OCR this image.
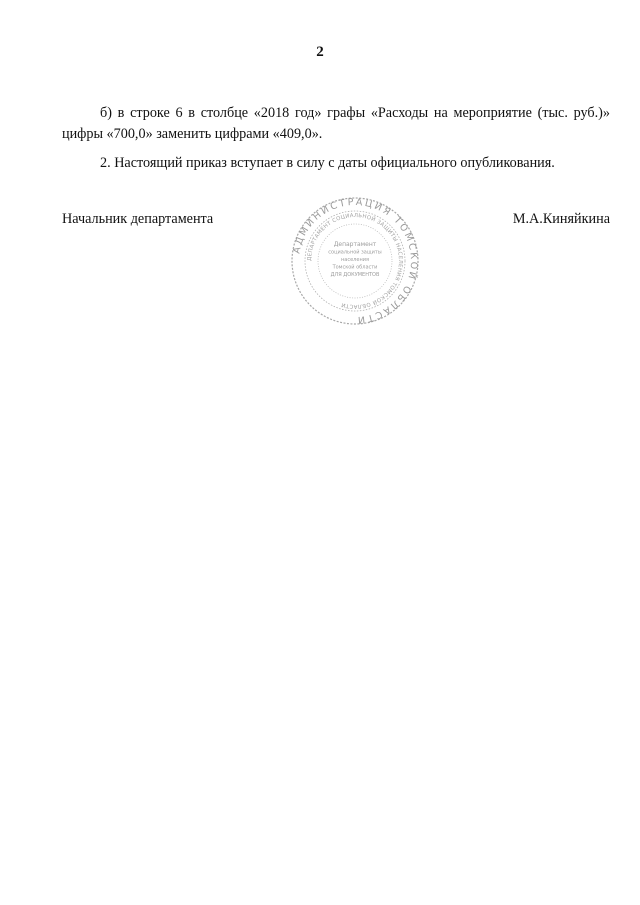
2
б) в строке 6 в столбце «2018 год» графы «Расходы на мероприятие (тыс. руб.)»
цифры «700,0» заменить цифрами «409,0».
2. Настоящий приказ вступает в силу с даты официального опубликования.
Начальник департамента	М.А.Киняйкина
АДМИНИСТРАЦИЯ ТОМСКОЙ ОБЛАСТИ
ДЕПАРТАМЕНТ СОЦИАЛЬНОЙ ЗАЩИТЫ НАСЕЛЕНИЯ ТОМСКОЙ ОБЛАСТИ
Департамент
социальной защиты
населения
Томской области
ДЛЯ ДОКУМЕНТОВ
